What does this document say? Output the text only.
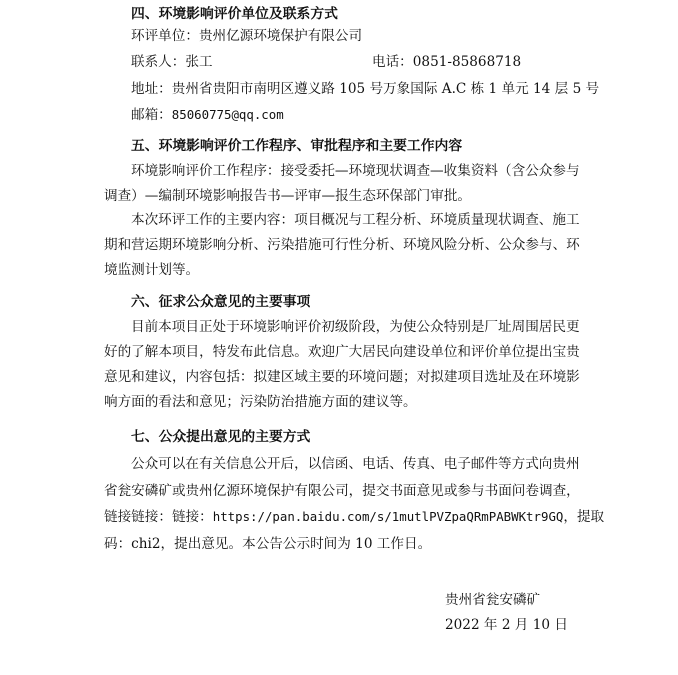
四、环境影响评价单位及联系方式
环评单位：贵州亿源环境保护有限公司
联系人：张工	电话：0851-85868718
地址：贵州省贵阳市南明区遵义路 105 号万象国际 A.C 栋 1 单元 14 层 5 号
邮箱：85060775@qq.com
五、环境影响评价工作程序、审批程序和主要工作内容
环境影响评价工作程序：接受委托—环境现状调查—收集资料（含公众参与
调查）—编制环境影响报告书—评审—报生态环保部门审批。
本次环评工作的主要内容：项目概况与工程分析、环境质量现状调查、施工
期和营运期环境影响分析、污染措施可行性分析、环境风险分析、公众参与、环
境监测计划等。
六、征求公众意见的主要事项
目前本项目正处于环境影响评价初级阶段，为使公众特别是厂址周围居民更
好的了解本项目，特发布此信息。欢迎广大居民向建设单位和评价单位提出宝贵
意见和建议，内容包括：拟建区域主要的环境问题；对拟建项目选址及在环境影
响方面的看法和意见；污染防治措施方面的建议等。
七、公众提出意见的主要方式
公众可以在有关信息公开后，以信函、电话、传真、电子邮件等方式向贵州
省瓮安磷矿或贵州亿源环境保护有限公司，提交书面意见或参与书面问卷调查，
链接链接：链接：https://pan.baidu.com/s/1mutlPVZpaQRmPABWKtr9GQ，提取
码：chi2，提出意见。本公告公示时间为 10 工作日。
贵州省瓮安磷矿
2022 年 2 月 10 日
